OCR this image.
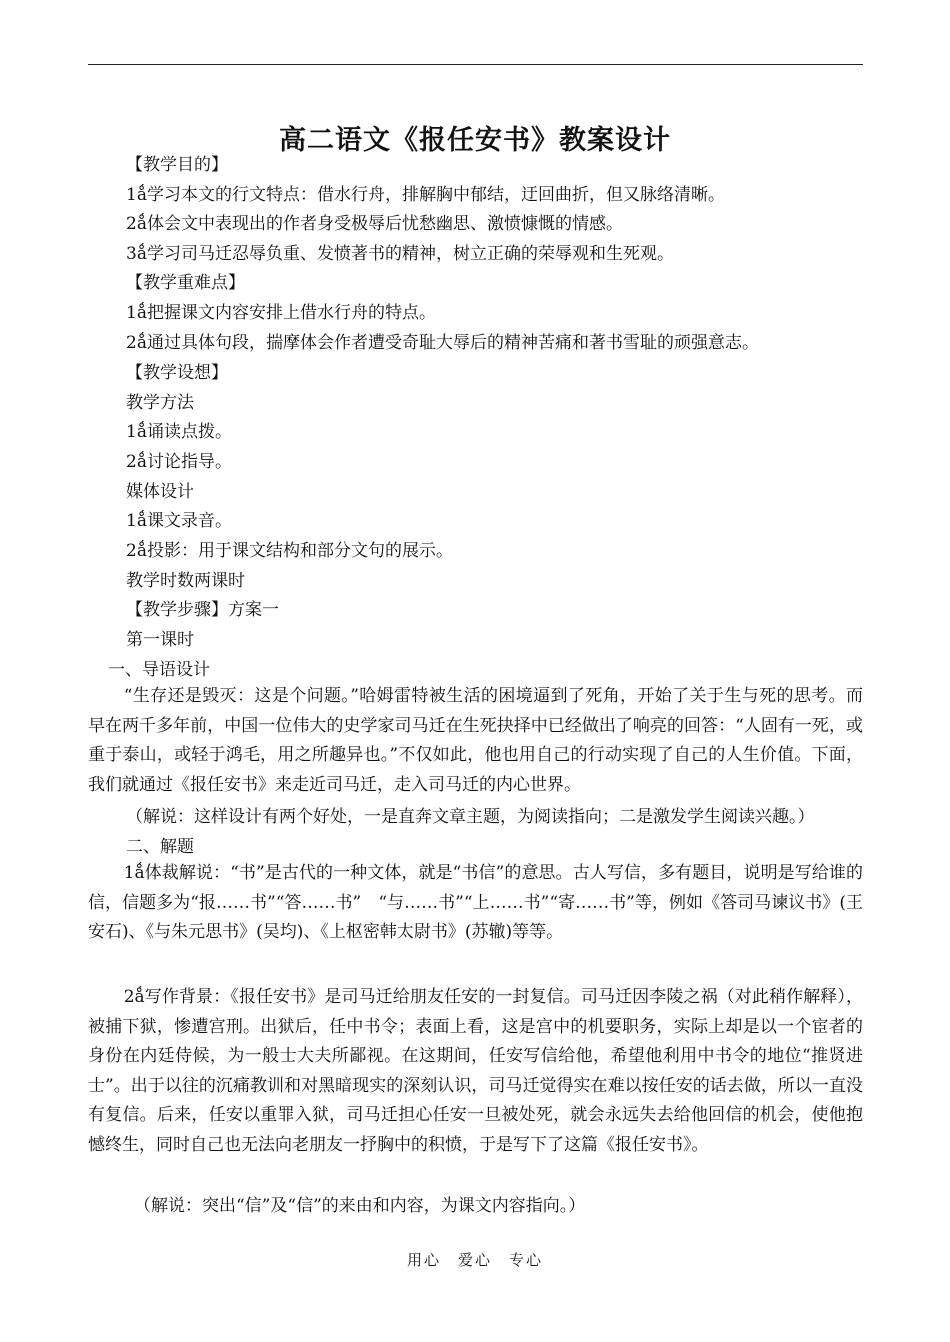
高二语文《报任安书》教案设计
【教学目的】
1ǻ学习本文的行文特点：借水行舟，排解胸中郁结，迂回曲折，但又脉络清晰。
2ǻ体会文中表现出的作者身受极辱后忧愁幽思、激愤慷慨的情感。
3ǻ学习司马迁忍辱负重、发愤著书的精神，树立正确的荣辱观和生死观。
【教学重难点】
1ǻ把握课文内容安排上借水行舟的特点。
2ǻ通过具体句段，揣摩体会作者遭受奇耻大辱后的精神苦痛和著书雪耻的顽强意志。
【教学设想】
教学方法
1ǻ诵读点拨。
2ǻ讨论指导。
媒体设计
1ǻ课文录音。
2ǻ投影：用于课文结构和部分文句的展示。
教学时数两课时
【教学步骤】方案一
第一课时
一、导语设计

“生存还是毁灭：这是个问题。”哈姆雷特被生活的困境逼到了死角，开始了关于生与死的思考。而早在两千多年前，中国一位伟大的史学家司马迁在生死抉择中已经做出了响亮的回答：“人固有一死，或重于泰山，或轻于鸿毛，用之所趣异也。”不仅如此，他也用自己的行动实现了自己的人生价值。下面，我们就通过《报任安书》来走近司马迁，走入司马迁的内心世界。

（解说：这样设计有两个好处，一是直奔文章主题，为阅读指向；二是激发学生阅读兴趣。）
二、解题

1ǻ体裁解说：“书”是古代的一种文体，就是“书信”的意思。古人写信，多有题目，说明是写给谁的信，信题多为“报……书”“答……书”　“与……书”“上……书”“寄……书”等，例如《答司马谏议书》(王安石)、《与朱元思书》(吴均)、《上枢密韩太尉书》(苏辙)等等。

2ǻ写作背景：《报任安书》是司马迁给朋友任安的一封复信。司马迁因李陵之祸（对此稍作解释），被捕下狱，惨遭宫刑。出狱后，任中书令；表面上看，这是宫中的机要职务，实际上却是以一个宦者的身份在内廷侍候，为一般士大夫所鄙视。在这期间，任安写信给他，希望他利用中书令的地位“推贤进士”。出于以往的沉痛教训和对黑暗现实的深刻认识，司马迁觉得实在难以按任安的话去做，所以一直没有复信。后来，任安以重罪入狱，司马迁担心任安一旦被处死，就会永远失去给他回信的机会，使他抱憾终生，同时自己也无法向老朋友一抒胸中的积愤，于是写下了这篇《报任安书》。

（解说：突出“信”及“信”的来由和内容，为课文内容指向。）
用心　爱心　专心
